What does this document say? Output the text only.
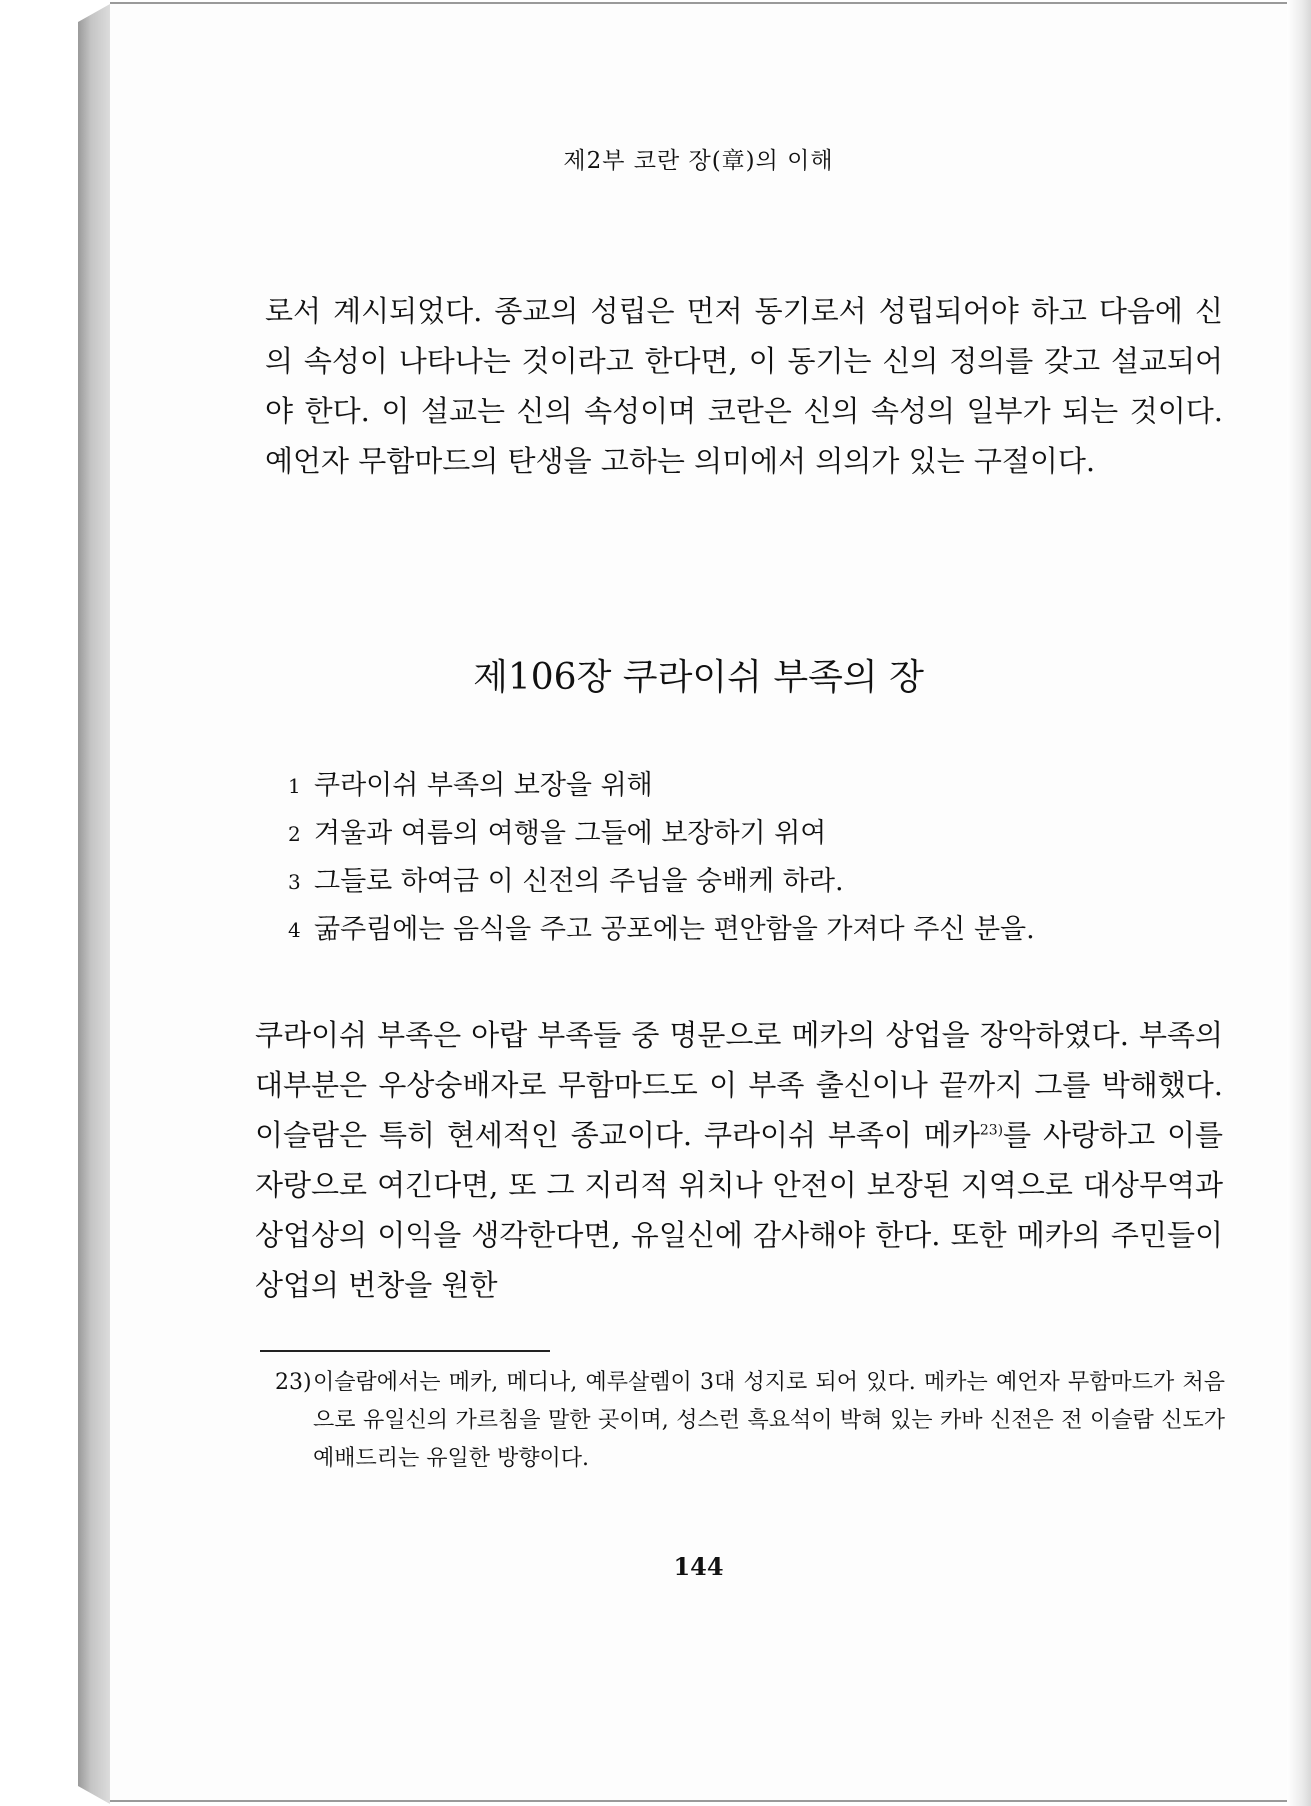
제2부 코란 장(章)의 이해

로서 계시되었다. 종교의 성립은 먼저 동기로서 성립되어야 하고 다음에 신의 속성이 나타나는 것이라고 한다면, 이 동기는 신의 정의를 갖고 설교되어야 한다. 이 설교는 신의 속성이며 코란은 신의 속성의 일부가 되는 것이다. 예언자 무함마드의 탄생을 고하는 의미에서 의의가 있는 구절이다.

제106장 쿠라이쉬 부족의 장
1 쿠라이쉬 부족의 보장을 위해
2 겨울과 여름의 여행을 그들에 보장하기 위여
3 그들로 하여금 이 신전의 주님을 숭배케 하라.
4 굶주림에는 음식을 주고 공포에는 편안함을 가져다 주신 분을.

쿠라이쉬 부족은 아랍 부족들 중 명문으로 메카의 상업을 장악하였다. 부족의 대부분은 우상숭배자로 무함마드도 이 부족 출신이나 끝까지 그를 박해했다. 이슬람은 특히 현세적인 종교이다. 쿠라이쉬 부족이 메카$^{23)}$를 사랑하고 이를 자랑으로 여긴다면, 또 그 지리적 위치나 안전이 보장된 지역으로 대상무역과 상업상의 이익을 생각한다면, 유일신에 감사해야 한다. 또한 메카의 주민들이 상업의 번창을 원한

23) 이슬람에서는 메카, 메디나, 예루살렘이 3대 성지로 되어 있다. 메카는 예언자 무함마드가 처음으로 유일신의 가르침을 말한 곳이며, 성스런 흑요석이 박혀 있는 카바 신전은 전 이슬람 신도가 예배드리는 유일한 방향이다.
144
